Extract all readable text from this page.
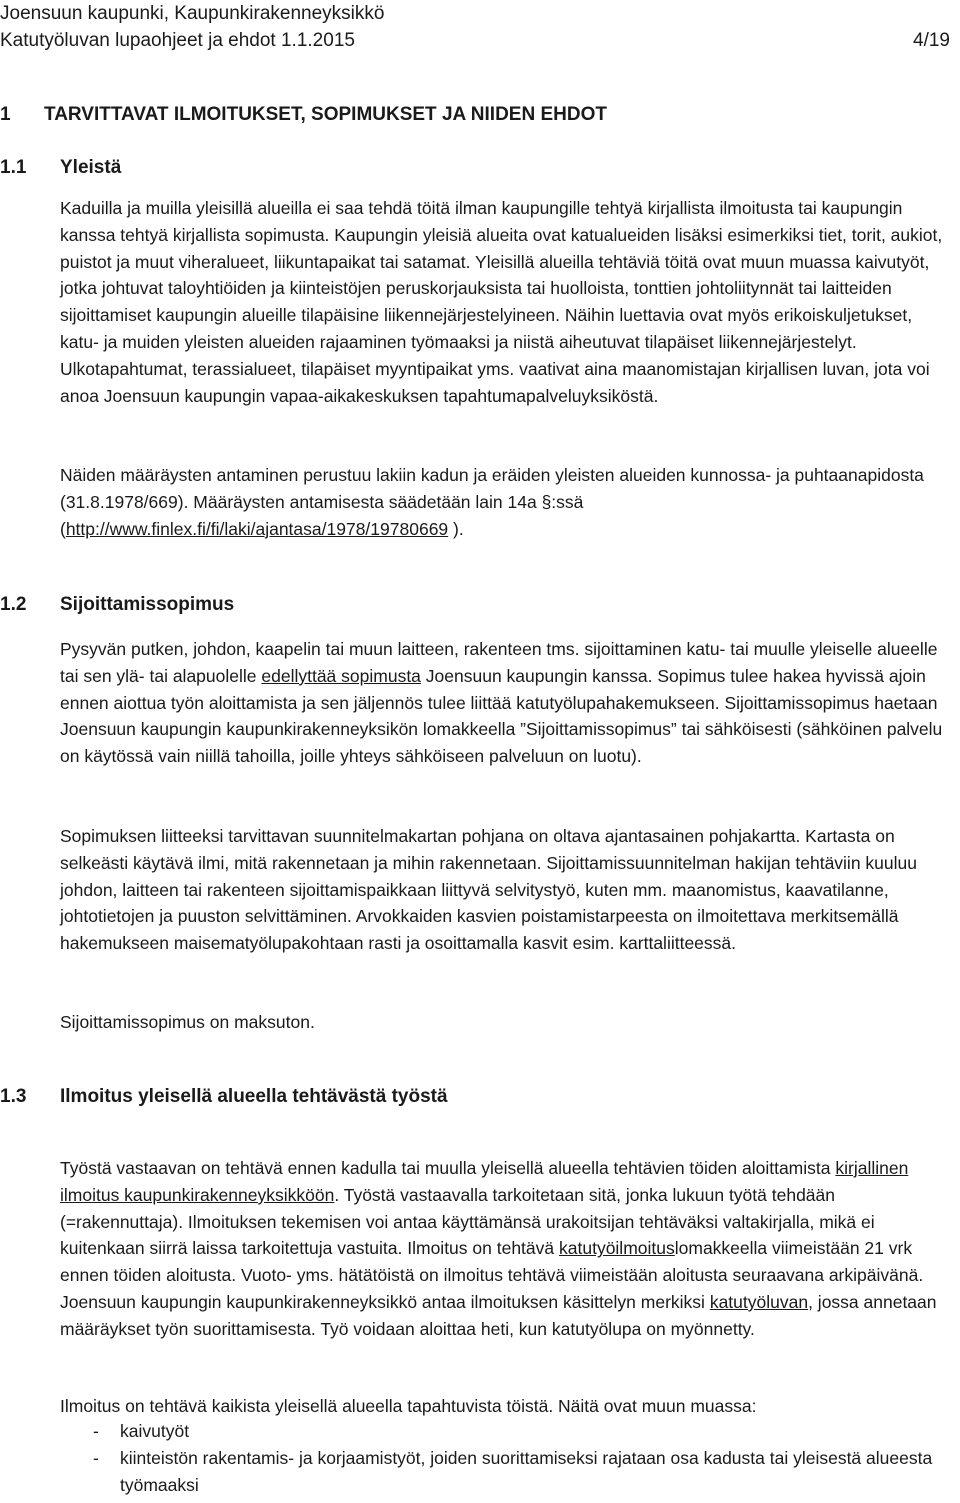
Joensuun kaupunki, Kaupunkirakenneyksikkö
Katutyöluvan lupaohjeet ja ehdot 1.1.2015	4/19
1 TARVITTAVAT ILMOITUKSET, SOPIMUKSET JA NIIDEN EHDOT
1.1 Yleistä

Kaduilla ja muilla yleisillä alueilla ei saa tehdä töitä ilman kaupungille tehtyä kirjallista ilmoitusta tai kaupungin kanssa tehtyä kirjallista sopimusta. Kaupungin yleisiä alueita ovat katualueiden lisäksi esimerkiksi tiet, torit, aukiot, puistot ja muut viheralueet, liikuntapaikat tai satamat. Yleisillä alueilla tehtäviä töitä ovat muun muassa kaivutyöt, jotka johtuvat taloyhtiöiden ja kiinteistöjen peruskorjauksista tai huolloista, tonttien johtoliitynnät tai laitteiden sijoittamiset kaupungin alueille tilapäisine liikennejärjestelyineen. Näihin luettavia ovat myös erikoiskuljetukset, katu- ja muiden yleisten alueiden rajaaminen työmaaksi ja niistä aiheutuvat tilapäiset liikennejärjestelyt. Ulkotapahtumat, terassialueet, tilapäiset myyntipaikat yms. vaativat aina maanomistajan kirjallisen luvan, jota voi anoa Joensuun kaupungin vapaa-aikakeskuksen tapahtumapalveluyksiköstä.

Näiden määräysten antaminen perustuu lakiin kadun ja eräiden yleisten alueiden kunnossa- ja puhtaanapidosta (31.8.1978/669). Määräysten antamisesta säädetään lain 14a §:ssä (http://www.finlex.fi/fi/laki/ajantasa/1978/19780669 ).

1.2 Sijoittamissopimus

Pysyvän putken, johdon, kaapelin tai muun laitteen, rakenteen tms. sijoittaminen katu- tai muulle yleiselle alueelle tai sen ylä- tai alapuolelle edellyttää sopimusta Joensuun kaupungin kanssa. Sopimus tulee hakea hyvissä ajoin ennen aiottua työn aloittamista ja sen jäljennös tulee liittää katutyölupahakemukseen. Sijoittamissopimus haetaan Joensuun kaupungin kaupunkirakenneyksikön lomakkeella ”Sijoittamissopimus” tai sähköisesti (sähköinen palvelu on käytössä vain niillä tahoilla, joille yhteys sähköiseen palveluun on luotu).

Sopimuksen liitteeksi tarvittavan suunnitelmakartan pohjana on oltava ajantasainen pohjakartta. Kartasta on selkeästi käytävä ilmi, mitä rakennetaan ja mihin rakennetaan. Sijoittamissuunnitelman hakijan tehtäviin kuuluu johdon, laitteen tai rakenteen sijoittamispaikkaan liittyvä selvitystyö, kuten mm. maanomistus, kaavatilanne, johtotietojen ja puuston selvittäminen. Arvokkaiden kasvien poistamistarpeesta on ilmoitettava merkitsemällä hakemukseen maisematyölupakohtaan rasti ja osoittamalla kasvit esim. karttaliitteessä.

Sijoittamissopimus on maksuton.

1.3 Ilmoitus yleisellä alueella tehtävästä työstä

Työstä vastaavan on tehtävä ennen kadulla tai muulla yleisellä alueella tehtävien töiden aloittamista kirjallinen ilmoitus kaupunkirakenneyksikköön. Työstä vastaavalla tarkoitetaan sitä, jonka lukuun työtä tehdään (=rakennuttaja). Ilmoituksen tekemisen voi antaa käyttämänsä urakoitsijan tehtäväksi valtakirjalla, mikä ei kuitenkaan siirrä laissa tarkoitettuja vastuita. Ilmoitus on tehtävä katutyöilmoituslomakkeella viimeistään 21 vrk ennen töiden aloitusta. Vuoto- yms. hätätöistä on ilmoitus tehtävä viimeistään aloitusta seuraavana arkipäivänä. Joensuun kaupungin kaupunkirakenneyksikkö antaa ilmoituksen käsittelyn merkiksi katutyöluvan, jossa annetaan määräykset työn suorittamisesta. Työ voidaan aloittaa heti, kun katutyölupa on myönnetty.

Ilmoitus on tehtävä kaikista yleisellä alueella tapahtuvista töistä. Näitä ovat muun muassa:

-	kaivutyöt
-	kiinteistön rakentamis- ja korjaamistyöt, joiden suorittamiseksi rajataan osa kadusta tai yleisestä alueesta työmaaksi
